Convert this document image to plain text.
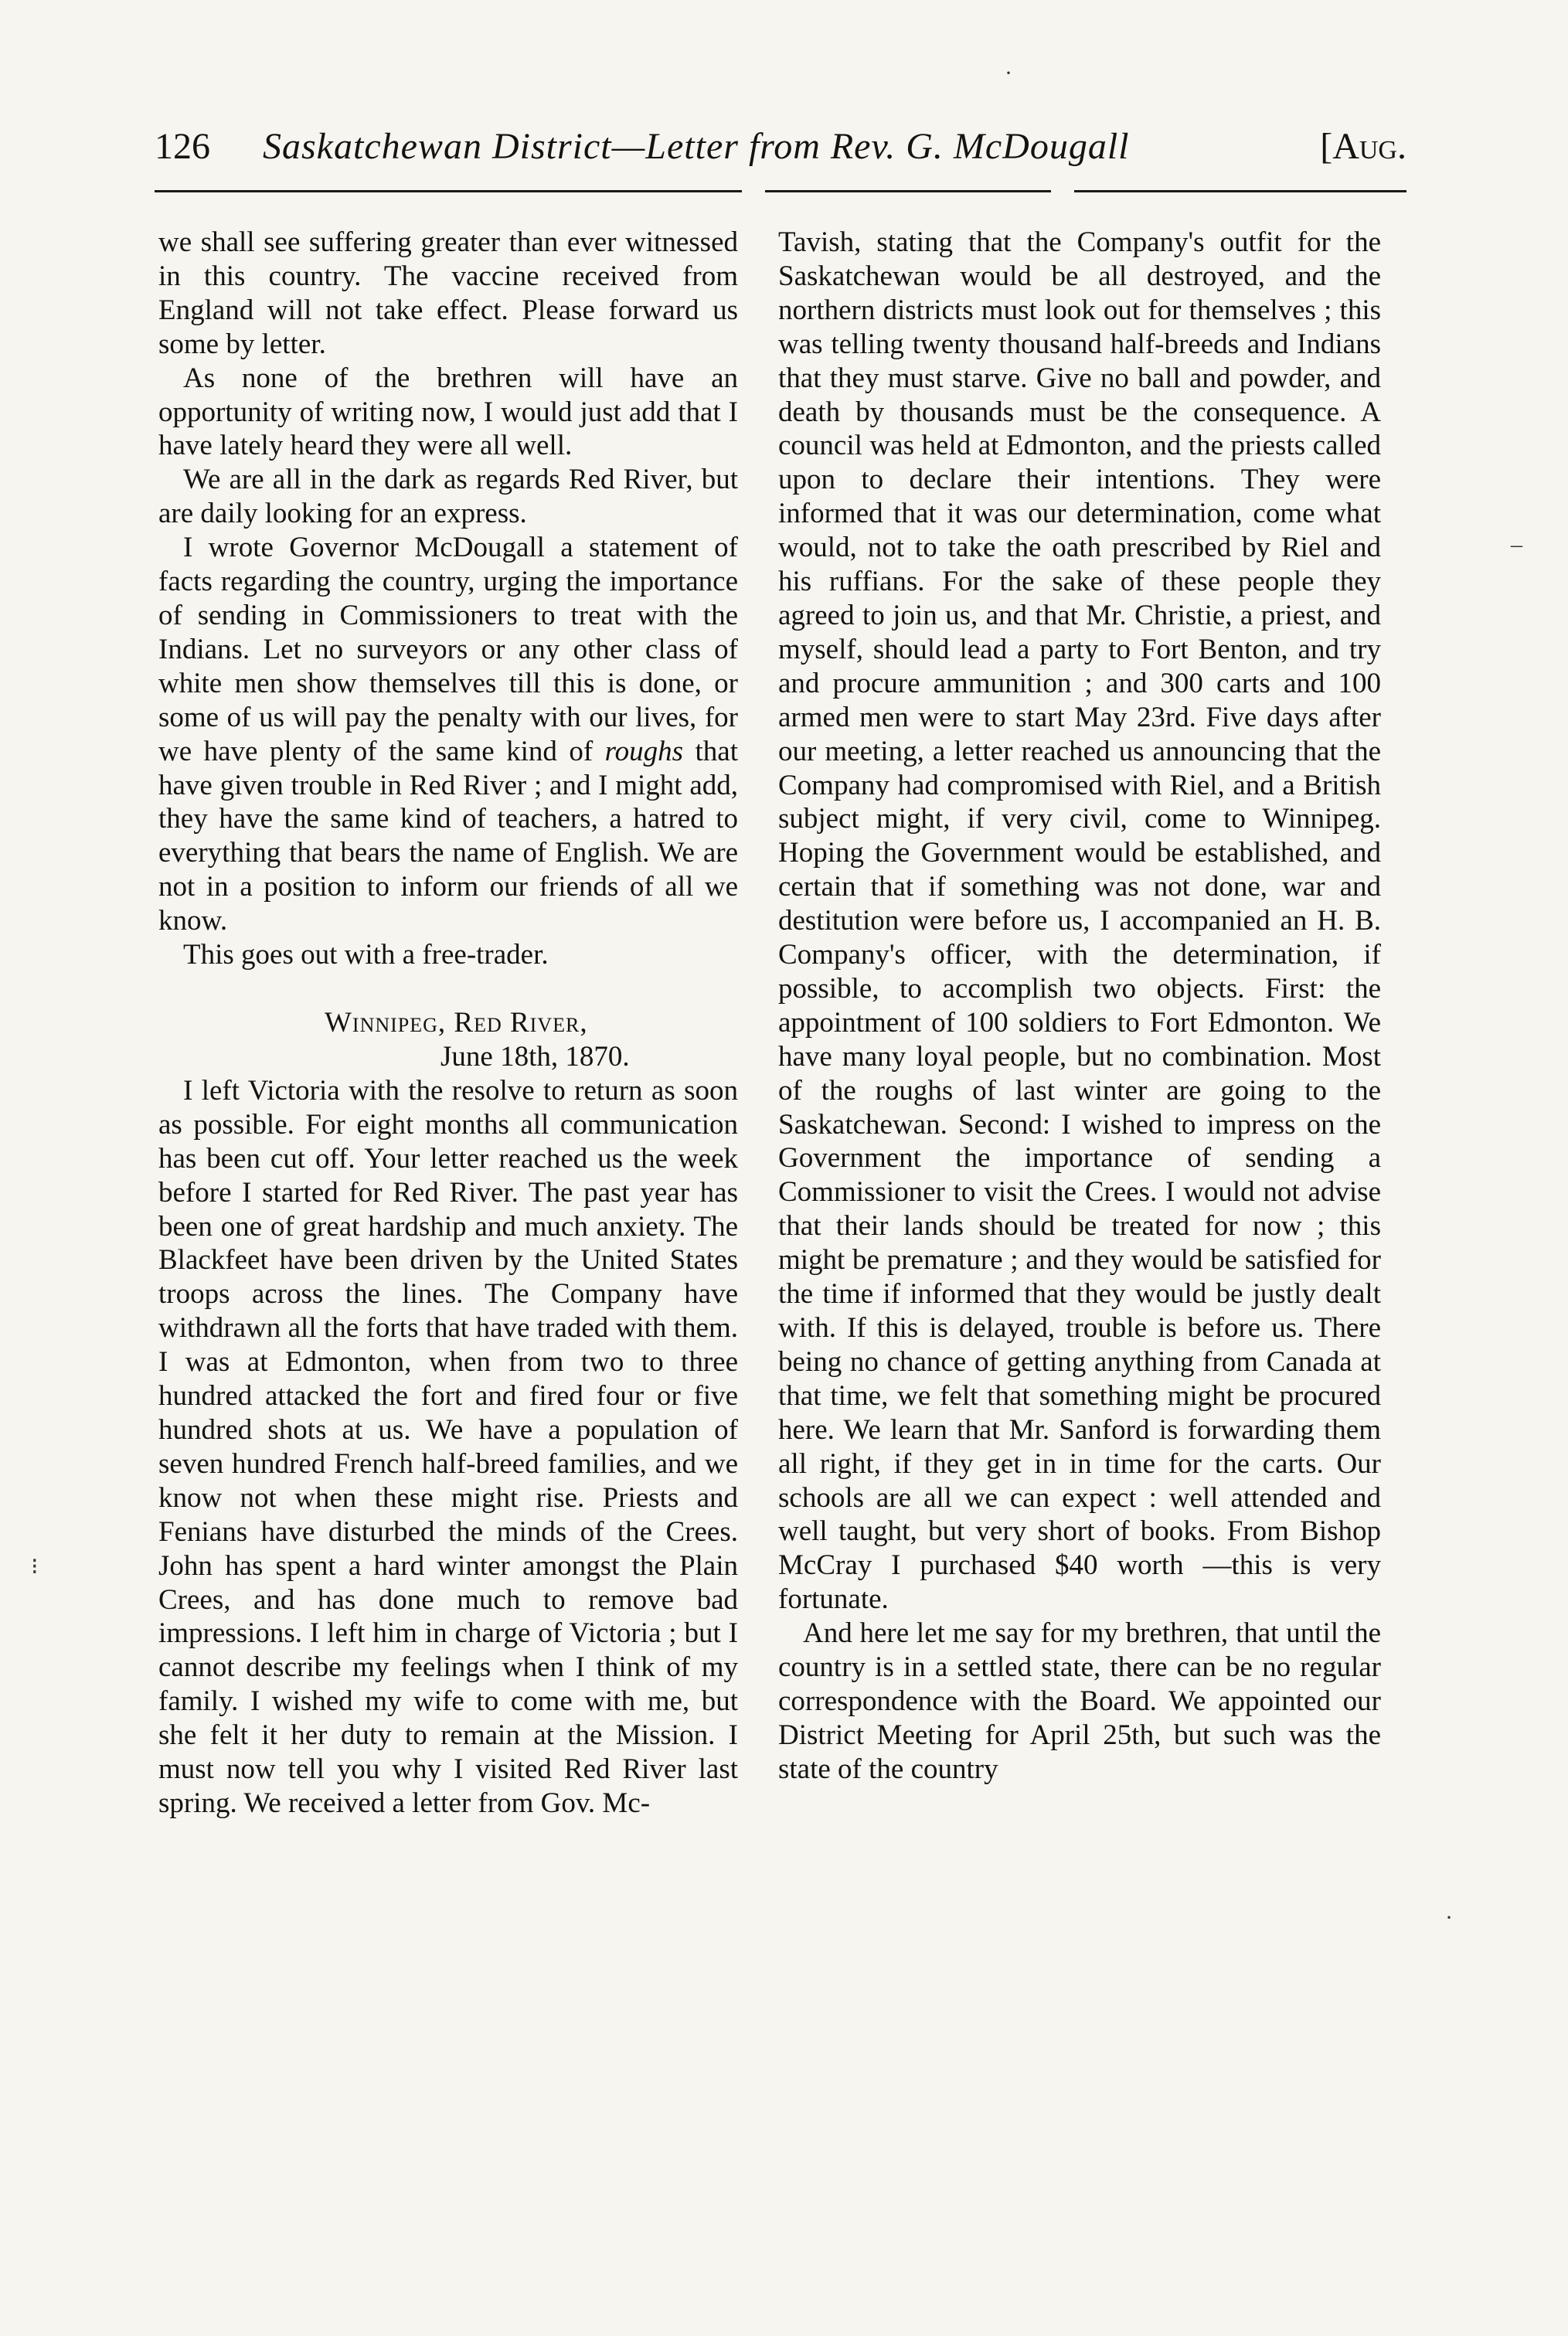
126 Saskatchewan District—Letter from Rev. G. McDougall	[Aug.

we shall see suffering greater than ever witnessed in this country. The vaccine received from England will not take effect. Please forward us some by letter.

As none of the brethren will have an opportunity of writing now, I would just add that I have lately heard they were all well.

We are all in the dark as regards Red River, but are daily looking for an express.

I wrote Governor McDougall a statement of facts regarding the country, urging the importance of sending in Commissioners to treat with the Indians. Let no surveyors or any other class of white men show themselves till this is done, or some of us will pay the penalty with our lives, for we have plenty of the same kind of roughs that have given trouble in Red River ; and I might add, they have the same kind of teachers, a hatred to everything that bears the name of English. We are not in a position to inform our friends of all we know.

This goes out with a free-trader.

Winnipeg, Red River,
June 18th, 1870.

I left Victoria with the resolve to return as soon as possible. For eight months all communication has been cut off. Your letter reached us the week before I started for Red River. The past year has been one of great hardship and much anxiety. The Blackfeet have been driven by the United States troops across the lines. The Company have withdrawn all the forts that have traded with them. I was at Edmonton, when from two to three hundred attacked the fort and fired four or five hundred shots at us. We have a population of seven hundred French half-breed families, and we know not when these might rise. Priests and Fenians have disturbed the minds of the Crees. John has spent a hard winter amongst the Plain Crees, and has done much to remove bad impressions. I left him in charge of Victoria ; but I cannot describe my feelings when I think of my family. I wished my wife to come with me, but she felt it her duty to remain at the Mission. I must now tell you why I visited Red River last spring. We received a letter from Gov. Mc-

Tavish, stating that the Company's outfit for the Saskatchewan would be all destroyed, and the northern districts must look out for themselves ; this was telling twenty thousand half-breeds and Indians that they must starve. Give no ball and powder, and death by thousands must be the consequence. A council was held at Edmonton, and the priests called upon to declare their intentions. They were informed that it was our determination, come what would, not to take the oath prescribed by Riel and his ruffians. For the sake of these people they agreed to join us, and that Mr. Christie, a priest, and myself, should lead a party to Fort Benton, and try and procure ammunition ; and 300 carts and 100 armed men were to start May 23rd. Five days after our meeting, a letter reached us announcing that the Company had compromised with Riel, and a British subject might, if very civil, come to Winnipeg. Hoping the Government would be established, and certain that if something was not done, war and destitution were before us, I accompanied an H. B. Company's officer, with the determination, if possible, to accomplish two objects. First: the appointment of 100 soldiers to Fort Edmonton. We have many loyal people, but no combination. Most of the roughs of last winter are going to the Saskatchewan. Second: I wished to impress on the Government the importance of sending a Commissioner to visit the Crees. I would not advise that their lands should be treated for now ; this might be premature ; and they would be satisfied for the time if informed that they would be justly dealt with. If this is delayed, trouble is before us. There being no chance of getting anything from Canada at that time, we felt that something might be procured here. We learn that Mr. Sanford is forwarding them all right, if they get in in time for the carts. Our schools are all we can expect : well attended and well taught, but very short of books. From Bishop McCray I purchased $40 worth —this is very fortunate.

And here let me say for my brethren, that until the country is in a settled state, there can be no regular correspondence with the Board. We appointed our District Meeting for April 25th, but such was the state of the country

·
–
·
⁝
